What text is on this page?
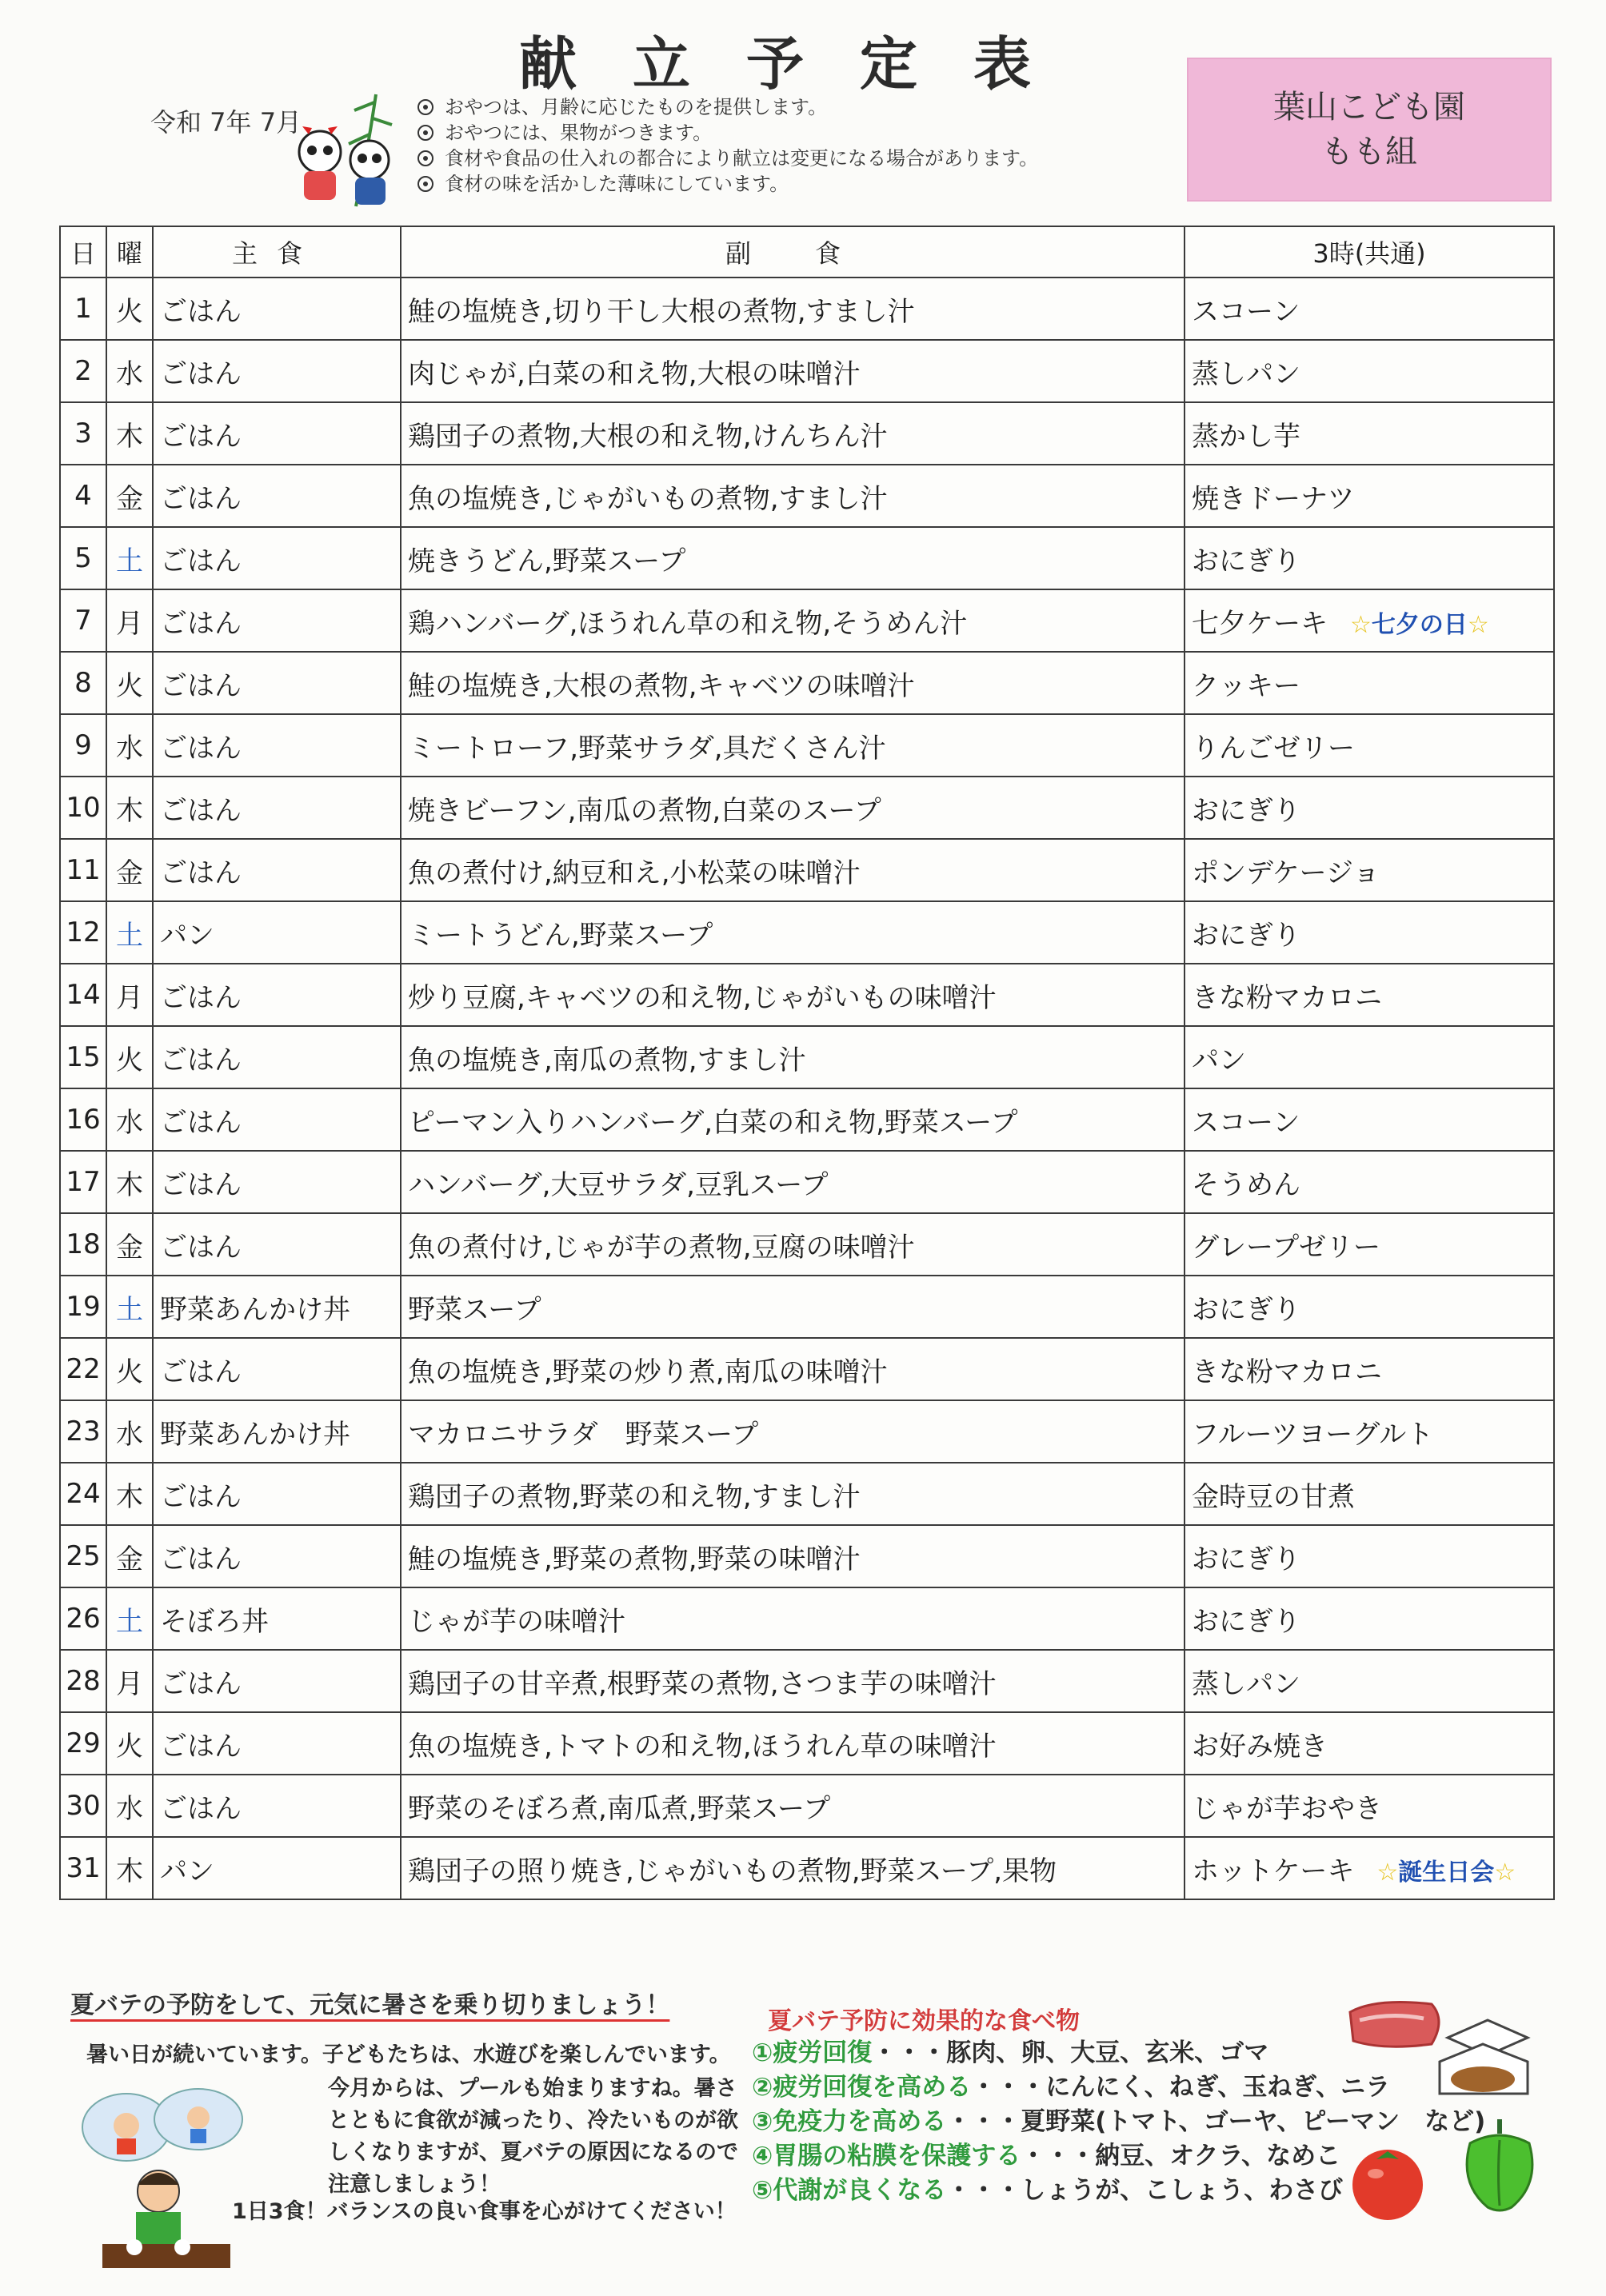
献立予定表
令和 7年 7月	おやつは、月齢に応じたものを提供します。
おやつには、果物がつきます。
食材や食品の仕入れの都合により献立は変更になる場合があります。
食材の味を活かした薄味にしています。
葉山こども園
もも組
日	曜	主食	副　食	3時(共通)
1	火	ごはん	鮭の塩焼き,切り干し大根の煮物,すまし汁	スコーン
2	水	ごはん	肉じゃが,白菜の和え物,大根の味噌汁	蒸しパン
3	木	ごはん	鶏団子の煮物,大根の和え物,けんちん汁	蒸かし芋
4	金	ごはん	魚の塩焼き,じゃがいもの煮物,すまし汁	焼きドーナツ
5	土	ごはん	焼きうどん,野菜スープ	おにぎり
7	月	ごはん	鶏ハンバーグ,ほうれん草の和え物,そうめん汁	七夕ケーキ ☆七夕の日☆
8	火	ごはん	鮭の塩焼き,大根の煮物,キャベツの味噌汁	クッキー
9	水	ごはん	ミートローフ,野菜サラダ,具だくさん汁	りんごゼリー
10	木	ごはん	焼きビーフン,南瓜の煮物,白菜のスープ	おにぎり
11	金	ごはん	魚の煮付け,納豆和え,小松菜の味噌汁	ポンデケージョ
12	土	パン	ミートうどん,野菜スープ	おにぎり
14	月	ごはん	炒り豆腐,キャベツの和え物,じゃがいもの味噌汁	きな粉マカロニ
15	火	ごはん	魚の塩焼き,南瓜の煮物,すまし汁	パン
16	水	ごはん	ピーマン入りハンバーグ,白菜の和え物,野菜スープ	スコーン
17	木	ごはん	ハンバーグ,大豆サラダ,豆乳スープ	そうめん
18	金	ごはん	魚の煮付け,じゃが芋の煮物,豆腐の味噌汁	グレープゼリー
19	土	野菜あんかけ丼	野菜スープ	おにぎり
22	火	ごはん	魚の塩焼き,野菜の炒り煮,南瓜の味噌汁	きな粉マカロニ
23	水	野菜あんかけ丼	マカロニサラダ　野菜スープ	フルーツヨーグルト
24	木	ごはん	鶏団子の煮物,野菜の和え物,すまし汁	金時豆の甘煮
25	金	ごはん	鮭の塩焼き,野菜の煮物,野菜の味噌汁	おにぎり
26	土	そぼろ丼	じゃが芋の味噌汁	おにぎり
28	月	ごはん	鶏団子の甘辛煮,根野菜の煮物,さつま芋の味噌汁	蒸しパン
29	火	ごはん	魚の塩焼き,トマトの和え物,ほうれん草の味噌汁	お好み焼き
30	水	ごはん	野菜のそぼろ煮,南瓜煮,野菜スープ	じゃが芋おやき
31	木	パン	鶏団子の照り焼き,じゃがいもの煮物,野菜スープ,果物	ホットケーキ ☆誕生日会☆
夏バテの予防をして、元気に暑さを乗り切りましょう！
暑い日が続いています。子どもたちは、水遊びを楽しんでいます。
今月からは、プールも始まりますね。暑さとともに食欲が減ったり、冷たいものが欲しくなりますが、夏バテの原因になるので注意しましょう！
1日3食！バランスの良い食事を心がけてください！
夏バテ予防に効果的な食べ物
①疲労回復・・・豚肉、卵、大豆、玄米、ゴマ
②疲労回復を高める・・・にんにく、ねぎ、玉ねぎ、ニラ
③免疫力を高める・・・夏野菜(トマト、ゴーヤ、ピーマン　など)
④胃腸の粘膜を保護する・・・納豆、オクラ、なめこ
⑤代謝が良くなる・・・しょうが、こしょう、わさび
